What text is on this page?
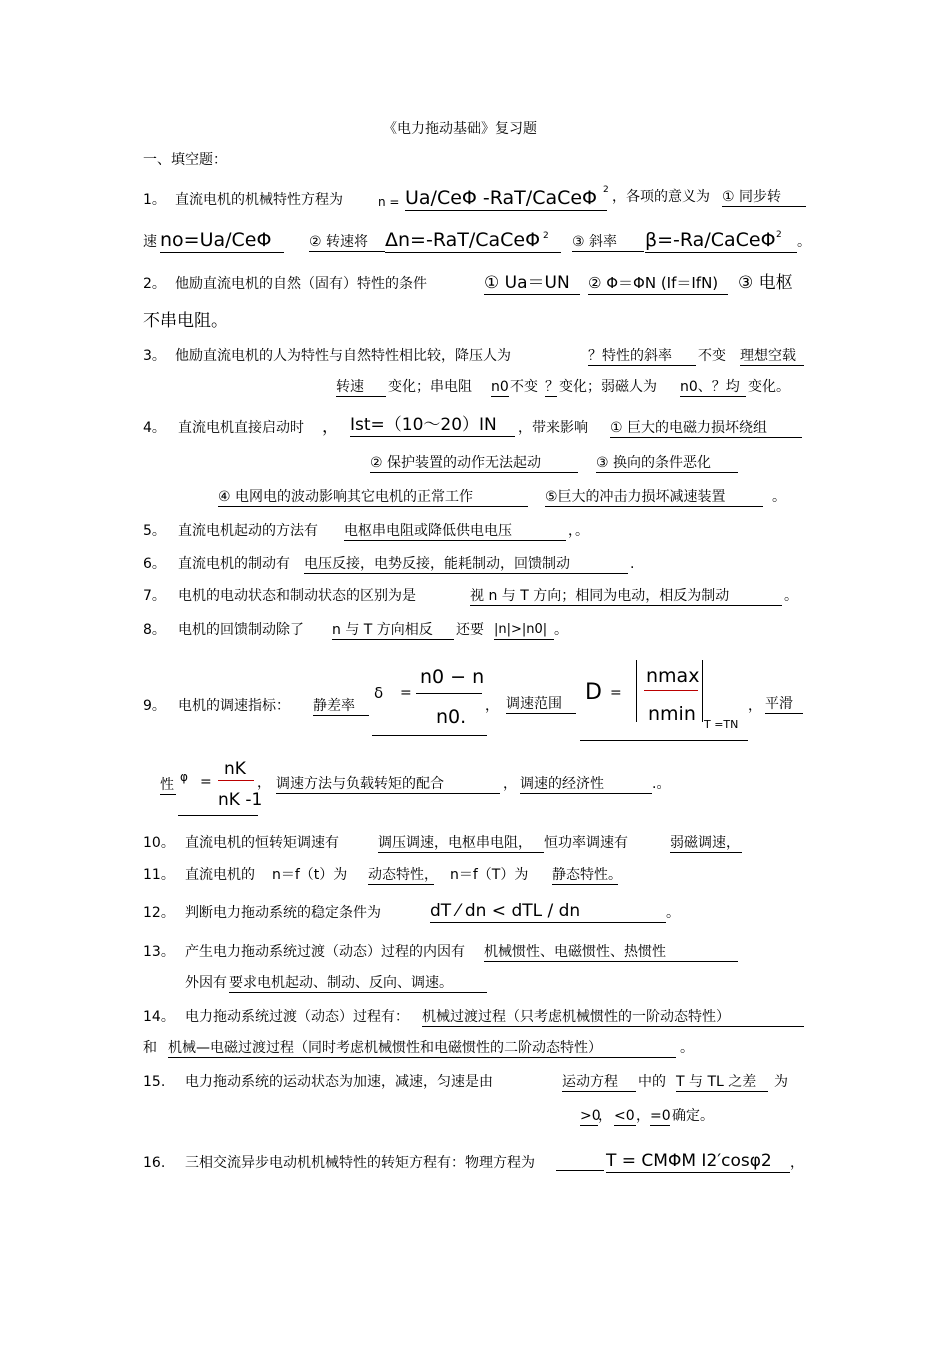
《电力拖动基础》复习题
一、填空题：
1。 直流电机的机械特性方程为	n = Ua/CeΦ -RaT/CaCeΦ 2 ，各项的意义为 ① 同步转
速 no=Ua/CeΦ	② 转速将 Δn=-RaT/CaCeΦ 2 ③ 斜率	β=-Ra/CaCeΦ 2 。
2。 他励直流电机的自然（固有）特性的条件	① Ua＝UN	② Φ＝ΦN (If＝IfN)	③ 电枢
不串电阻。
3。 他励直流电机的人为特性与自然特性相比较，降压人为	？特性的斜率	不变 理想空载
转速	变化；串电阻 n0 不变 ？ 变化；弱磁人为 n0、？均 变化。
4。 直流电机直接启动时 ， Ist=（10～20）IN	，带来影响 ① 巨大的电磁力损坏绕组
② 保护装置的动作无法起动	③ 换向的条件恶化
④ 电网电的波动影响其它电机的正常工作	⑤巨大的冲击力损坏减速装置	。
5。 直流电机起动的方法有 电枢串电阻或降低供电电压	，。
6。 直流电机的制动有 电压反接，电势反接，能耗制动，回馈制动	.
7。 电机的电动状态和制动状态的区别为是	视 n 与 T 方向；相同为电动，相反为制动	。
8。 电机的回馈制动除了 n 与 T 方向相反	还要 |n|>|n0| 。
9。 电机的调速指标： 静差率
δ =
n0 − n
n0. ， 调速范围	D =
nmax
nmin T =TN
， 平滑
性 φ =
nK
nK -1
， 调速方法与负载转矩的配合	， 调速的经济性	.。
10。 直流电机的恒转矩调速有	调压调速，电枢串电阻， 恒功率调速有	弱磁调速，
11。 直流电机的 n＝f（t）为 动态特性， n＝f（T）为 静态特性。
12。 判断电力拖动系统的稳定条件为	dT ⁄ dn < dTL / dn	。
13。 产生电力拖动系统过渡（动态）过程的内因有 机械惯性、电磁惯性、热惯性
外因有 要求电机起动、制动、反向、调速。
14。 电力拖动系统过渡（动态）过程有： 机械过渡过程（只考虑机械惯性的一阶动态特性）
和 机械—电磁过渡过程（同时考虑机械惯性和电磁惯性的二阶动态特性）	。
15. 电力拖动系统的运动状态为加速，减速，匀速是由	运动方程	中的 T 与 TL 之差	为
>0
， <0 ， =0 确定。
16. 三相交流异步电动机机械特性的转矩方程有：物理方程为	T = CMΦM I2′cosφ2	，
